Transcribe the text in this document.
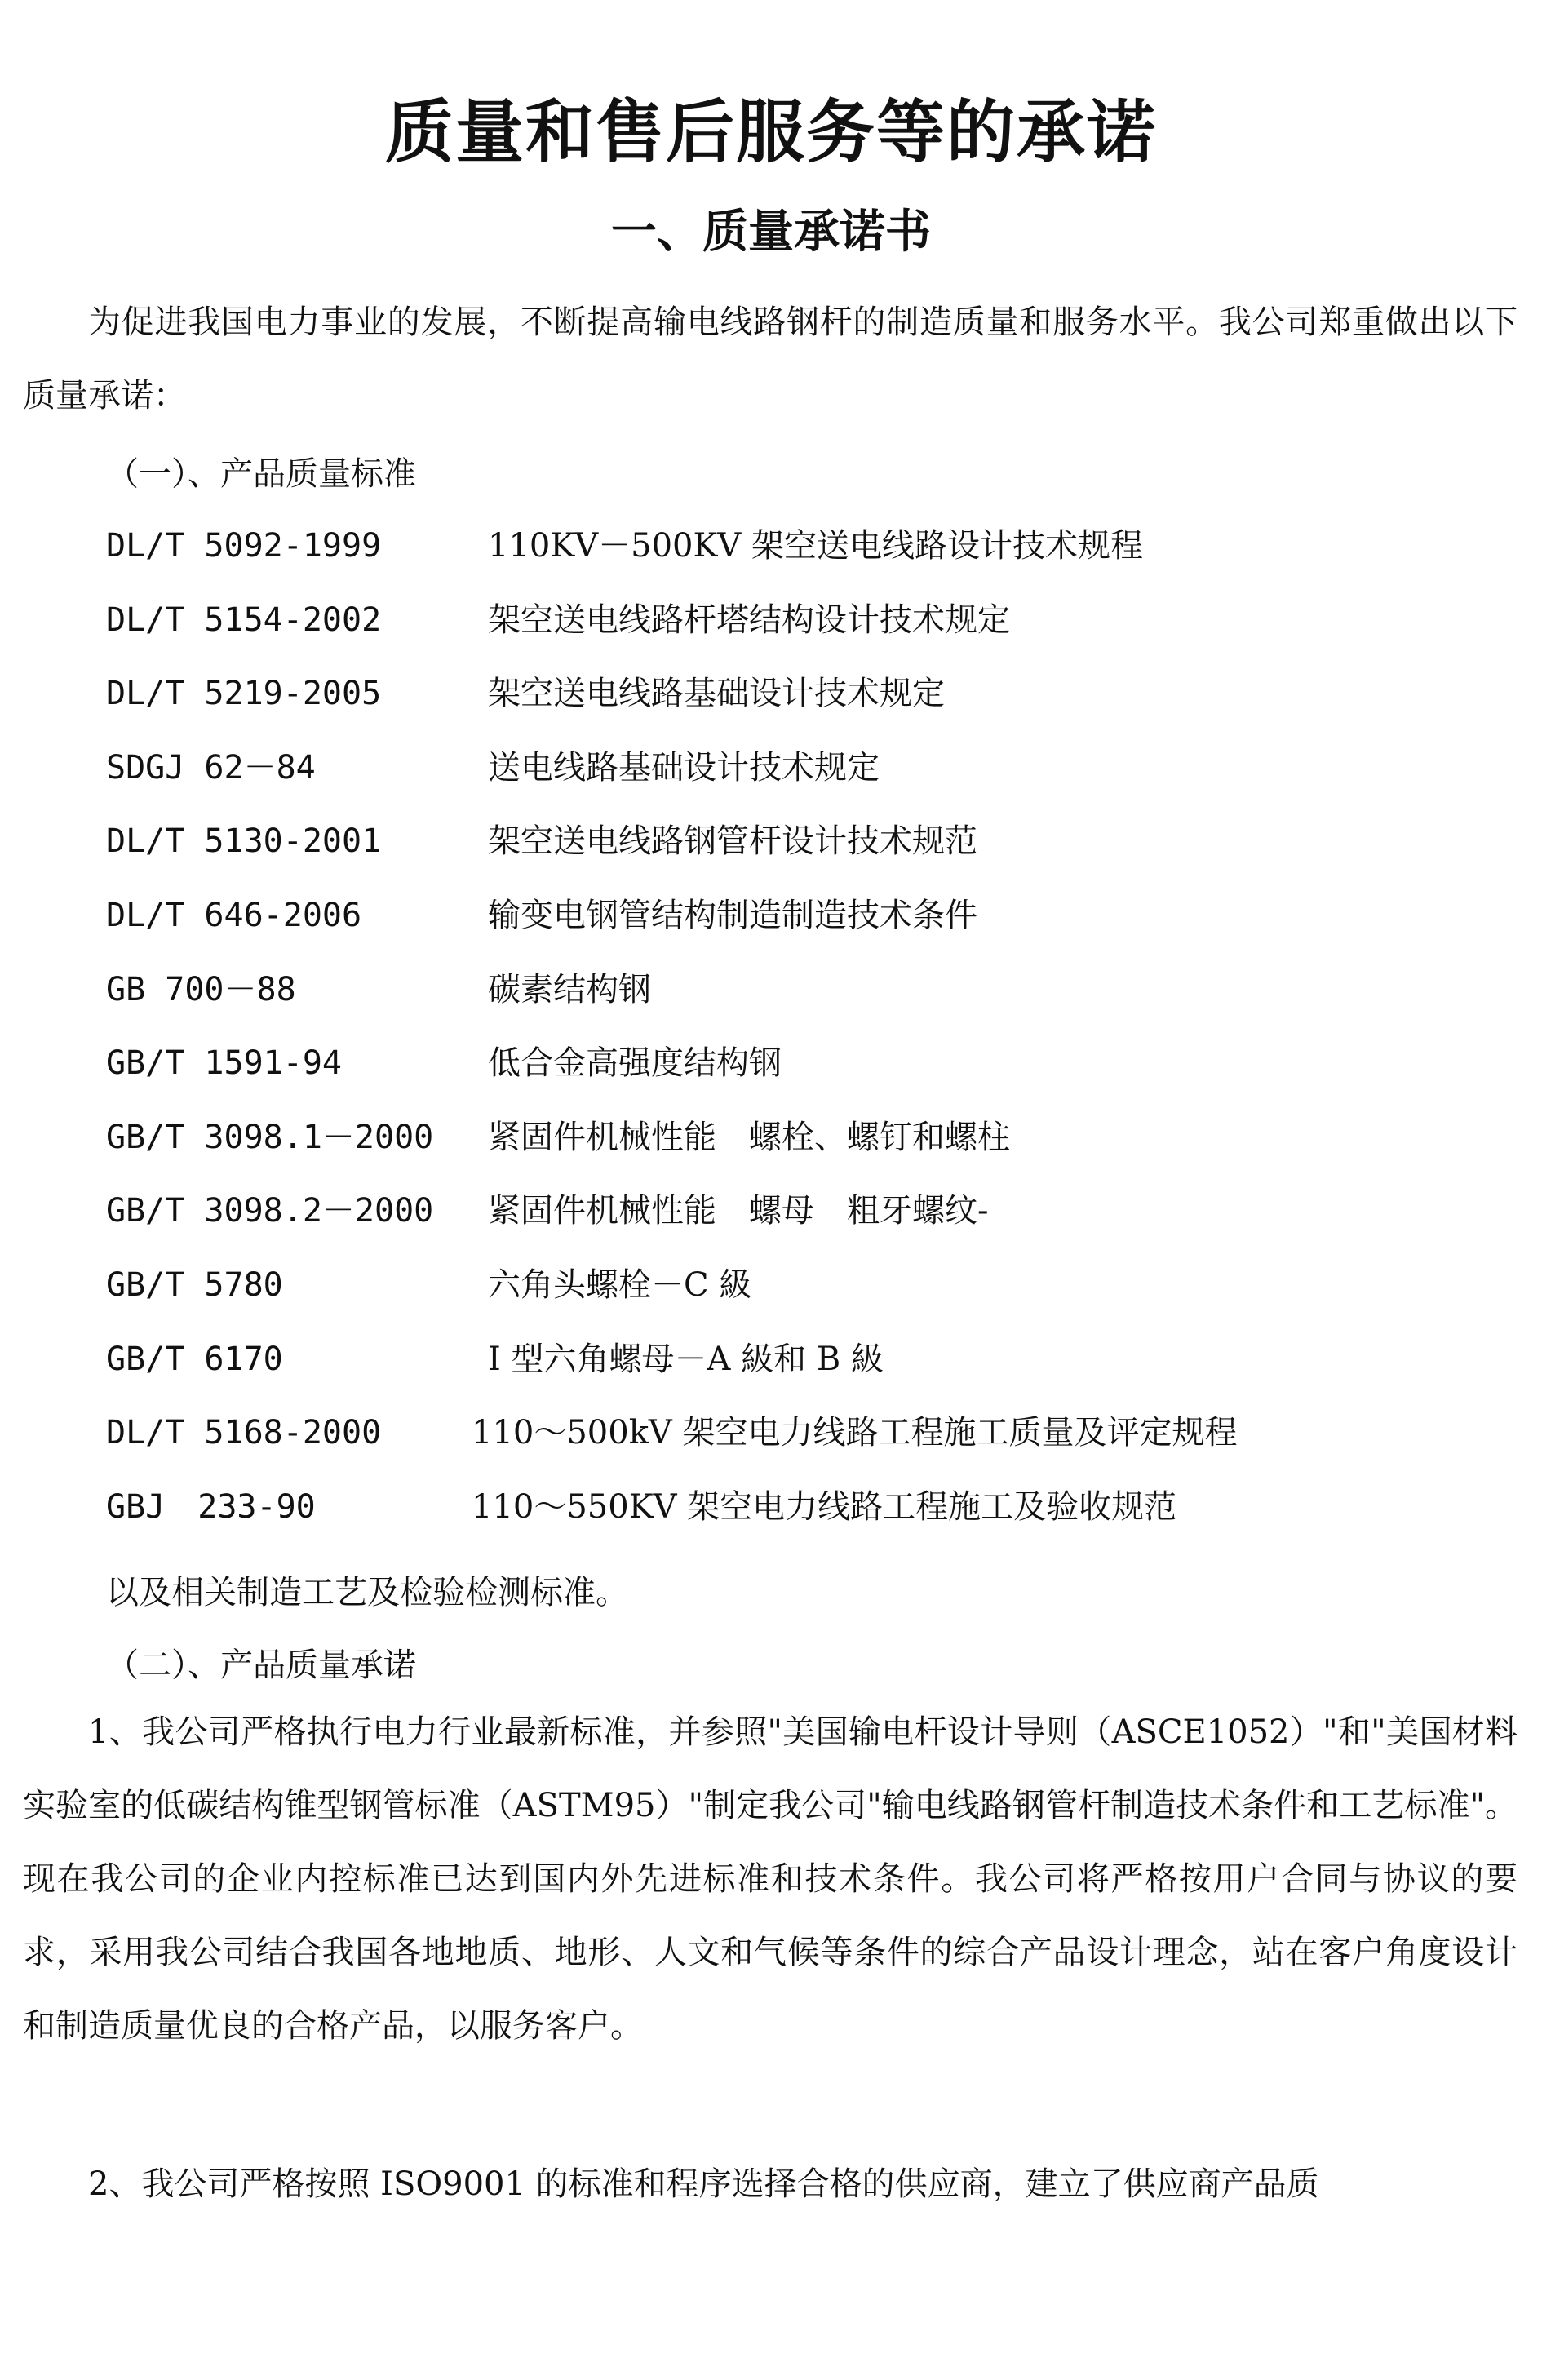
质量和售后服务等的承诺
一、质量承诺书
为促进我国电力事业的发展，不断提高输电线路钢杆的制造质量和服务水平。我公司郑重做出以下质量承诺：
（一）、产品质量标准
DL/T 5092-1999	110KV－500KV 架空送电线路设计技术规程
DL/T 5154-2002	架空送电线路杆塔结构设计技术规定
DL/T 5219-2005	架空送电线路基础设计技术规定
SDGJ 62－84	送电线路基础设计技术规定
DL/T 5130-2001	架空送电线路钢管杆设计技术规范
DL/T 646-2006	输变电钢管结构制造制造技术条件
GB 700－88	碳素结构钢
GB/T 1591-94	低合金高强度结构钢
GB/T 3098.1－2000 紧固件机械性能　螺栓、螺钉和螺柱
GB/T 3098.2－2000 紧固件机械性能　螺母　粗牙螺纹-
GB/T 5780	六角头螺栓－C 級
GB/T 6170	I 型六角螺母－A 級和 B 級
DL/T 5168-2000	110～500kV 架空电力线路工程施工质量及评定规程
GBJ　233-90	110～550KV 架空电力线路工程施工及验收规范
以及相关制造工艺及检验检测标准。
（二）、产品质量承诺
1、我公司严格执行电力行业最新标准，并参照"美国输电杆设计导则（ASCE1052）"和"美国材料实验室的低碳结构锥型钢管标准（ASTM95）"制定我公司"输电线路钢管杆制造技术条件和工艺标准"。现在我公司的企业内控标准已达到国内外先进标准和技术条件。我公司将严格按用户合同与协议的要求，采用我公司结合我国各地地质、地形、人文和气候等条件的综合产品设计理念，站在客户角度设计和制造质量优良的合格产品，以服务客户。
2、我公司严格按照 ISO9001 的标准和程序选择合格的供应商，建立了供应商产品质
